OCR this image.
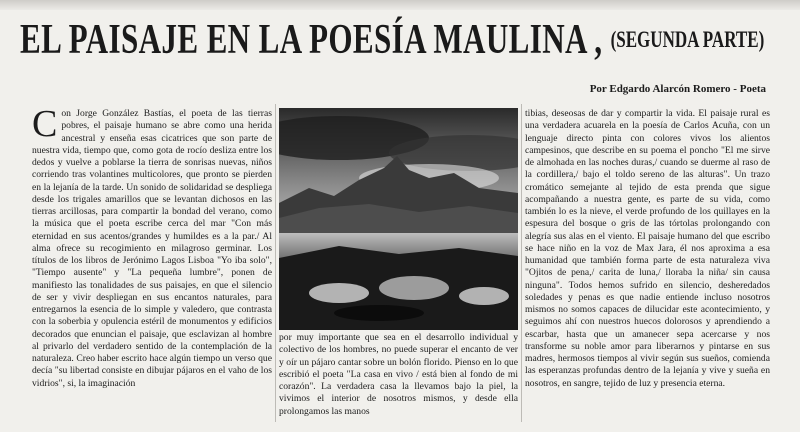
EL PAISAJE EN LA POESÍA MAULINA , $^{(SEGUNDA PARTE)}$
Por Edgardo Alarcón Romero - Poeta
C on Jorge González Bastías, el poeta de las tierras pobres, el paisaje humano se abre como una herida ancestral y enseña esas cicatrices que son parte de nuestra vida, tiempo que, como gota de rocío desliza entre los dedos y vuelve a poblarse la tierra de sonrisas nuevas, niños corriendo tras volantines multicolores, que pronto se pierden en la lejanía de la tarde. Un sonido de solidaridad se despliega desde los trigales amarillos que se levantan dichosos en las tierras arcillosas, para compartir la bondad del verano, como la música que el poeta escribe cerca del mar "Con más eternidad en sus acentos/grandes y humildes es a la par./ Al alma ofrece su recogimiento en milagroso germinar. Los títulos de los libros de Jerónimo Lagos Lisboa "Yo iba solo", "Tiempo ausente" y "La pequeña lumbre", ponen de manifiesto las tonalidades de sus paisajes, en que el silencio de ser y vivir despliegan en sus encantos naturales, para entregarnos la esencia de lo simple y valedero, que contrasta con la soberbia y opulencia estéril de monumentos y edificios decorados que enuncian el paisaje, que esclavizan al hombre al privarlo del verdadero sentido de la contemplación de la naturaleza. Creo haber escrito hace algún tiempo un verso que decía "su libertad consiste en dibujar pájaros en el vaho de los vidrios", si, la imaginación

por muy importante que sea en el desarrollo individual y colectivo de los hombres, no puede superar el encanto de ver y oír un pájaro cantar sobre un bolón florido. Pienso en lo que escribió el poeta "La casa en vivo / está bien al fondo de mi corazón". La verdadera casa la llevamos bajo la piel, la vivimos el interior de nosotros mismos, y desde ella prolongamos las manos

tibias, deseosas de dar y compartir la vida. El paisaje rural es una verdadera acuarela en la poesía de Carlos Acuña, con un lenguaje directo pinta con colores vivos los alientos campesinos, que describe en su poema el poncho "El me sirve de almohada en las noches duras,/ cuando se duerme al raso de la cordillera,/ bajo el toldo sereno de las alturas". Un trazo cromático semejante al tejido de esta prenda que sigue acompañando a nuestra gente, es parte de su vida, como también lo es la nieve, el verde profundo de los quillayes en la espesura del bosque o gris de las tórtolas prolongando con alegría sus alas en el viento. El paisaje humano del que escribo se hace niño en la voz de Max Jara, él nos aproxima a esa humanidad que también forma parte de esta naturaleza viva "Ojitos de pena,/ carita de luna,/ lloraba la niña/ sin causa ninguna". Todos hemos sufrido en silencio, desheredados soledades y penas es que nadie entiende incluso nosotros mismos no somos capaces de dilucidar este acontecimiento, y seguimos ahí con nuestros huecos dolorosos y aprendiendo a escarbar, hasta que un amanecer sepa acercarse y nos transforme su noble amor para liberarnos y pintarse en sus madres, hermosos tiempos al vivir según sus sueños, comienda las esperanzas profundas dentro de la lejanía y vive y sueña en nosotros, en sangre, tejido de luz y presencia eterna.
